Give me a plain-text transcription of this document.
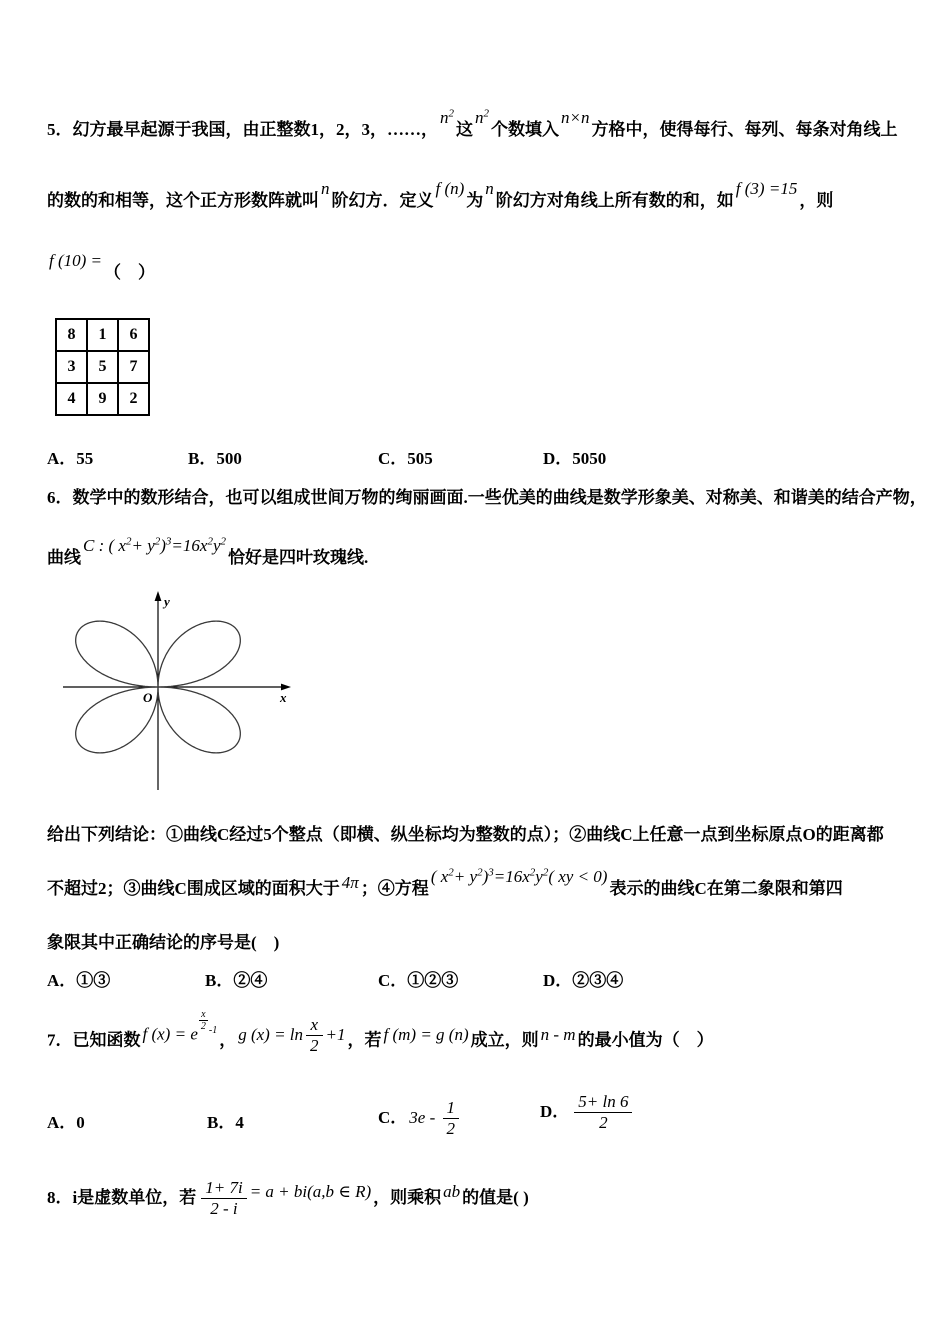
5．幻方最早起源于我国，由正整数1，2，3，……，$n^2$这$n^2$个数填入n×n方格中，使得每行、每列、每条对角线上
的数的和相等，这个正方形数阵就叫n阶幻方．定义f (n)为n阶幻方对角线上所有数的和，如f (3) =15，则
f (10) =（　）
8	1	6
3	5	7
4	9	2
A．55	B．500	C．505	D．5050
6．数学中的数形结合，也可以组成世间万物的绚丽画面.一些优美的曲线是数学形象美、对称美、和谐美的结合产物，
曲线C : ( $x^2+ y^2)^3=16x^2y^2$恰好是四叶玫瑰线.
y
x
O
给出下列结论：①曲线C经过5个整点（即横、纵坐标均为整数的点）；②曲线C上任意一点到坐标原点O的距离都
不超过2；③曲线C围成区域的面积大于 4π ；④方程( $x^2+ y^2)^3=16x^2y^2$( xy < 0)表示的曲线C在第二象限和第四
象限其中正确结论的序号是(　)
A．①③	B．②④	C．①②③	D．②③④
7．已知函数 f (x) = e
$^{\frac{x}{2} -1}$， g $(x) = \ln \frac{x}{2} +1$ ，若 f (m) = g (n) 成立，则 n - m 的最小值为（　）
A．0	B．4	C． $3e - \frac{1}{2}$	D． $\frac{5+ \ln 6}{2}$
8．i是虚数单位，若 $\frac{1+ 7i}{2 - i} = a + bi(a,b$ ∈ R) ，则乘积 ab 的值是( )
